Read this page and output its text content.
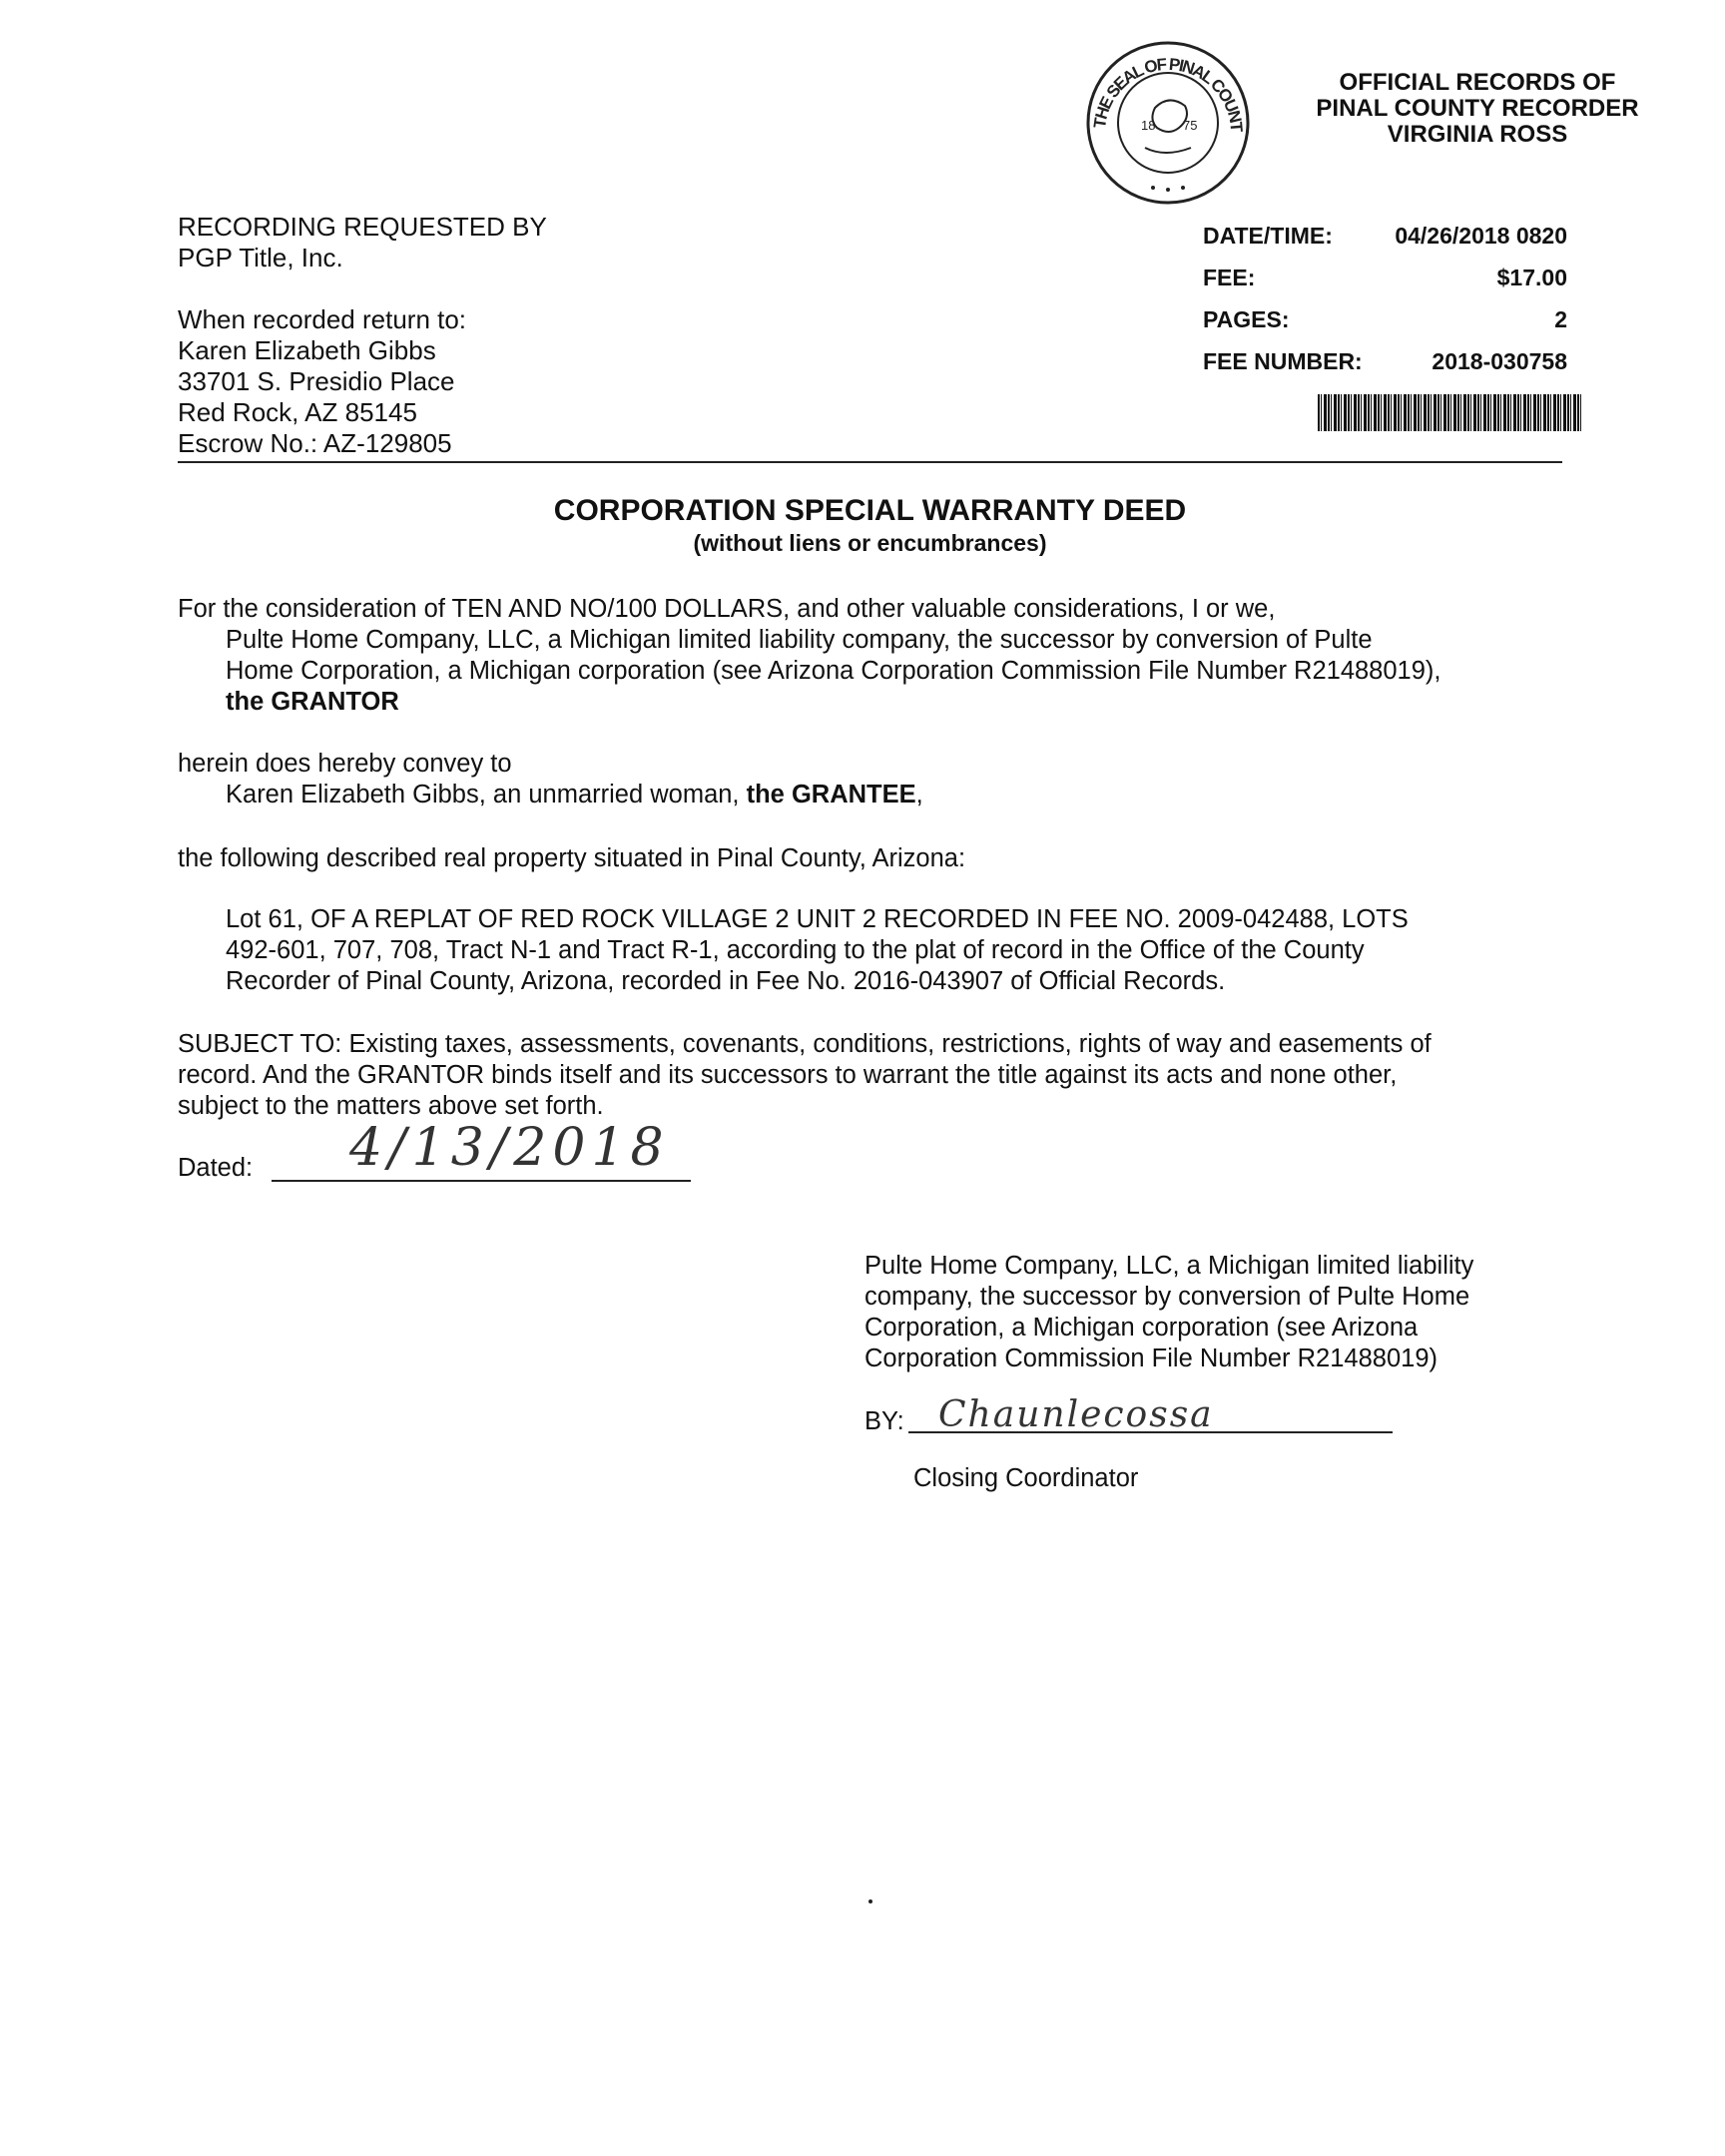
THE SEAL OF PINAL COUNT
18 75
OFFICIAL RECORDS OF
PINAL COUNTY RECORDER
VIRGINIA ROSS
DATE/TIME:	04/26/2018 0820
FEE:	$17.00
PAGES:	2
FEE NUMBER:	2018-030758
RECORDING REQUESTED BY
PGP Title, Inc.
When recorded return to:
Karen Elizabeth Gibbs
33701 S. Presidio Place
Red Rock, AZ 85145
Escrow No.: AZ-129805
CORPORATION SPECIAL WARRANTY DEED
(without liens or encumbrances)
For the consideration of TEN AND NO/100 DOLLARS, and other valuable considerations, I or we,
Pulte Home Company, LLC, a Michigan limited liability company, the successor by conversion of Pulte
Home Corporation, a Michigan corporation (see Arizona Corporation Commission File Number R21488019),
the GRANTOR
herein does hereby convey to
Karen Elizabeth Gibbs, an unmarried woman, the GRANTEE,
the following described real property situated in Pinal County, Arizona:
Lot 61, OF A REPLAT OF RED ROCK VILLAGE 2 UNIT 2 RECORDED IN FEE NO. 2009-042488, LOTS
492-601, 707, 708, Tract N-1 and Tract R-1, according to the plat of record in the Office of the County
Recorder of Pinal County, Arizona, recorded in Fee No. 2016-043907 of Official Records.
SUBJECT TO: Existing taxes, assessments, covenants, conditions, restrictions, rights of way and easements of
record. And the GRANTOR binds itself and its successors to warrant the title against its acts and none other,
subject to the matters above set forth.
Dated: 4/13/2018
Pulte Home Company, LLC, a Michigan limited liability
company, the successor by conversion of Pulte Home
Corporation, a Michigan corporation (see Arizona
Corporation Commission File Number R21488019)
BY: Chaunlecossa
Closing Coordinator
